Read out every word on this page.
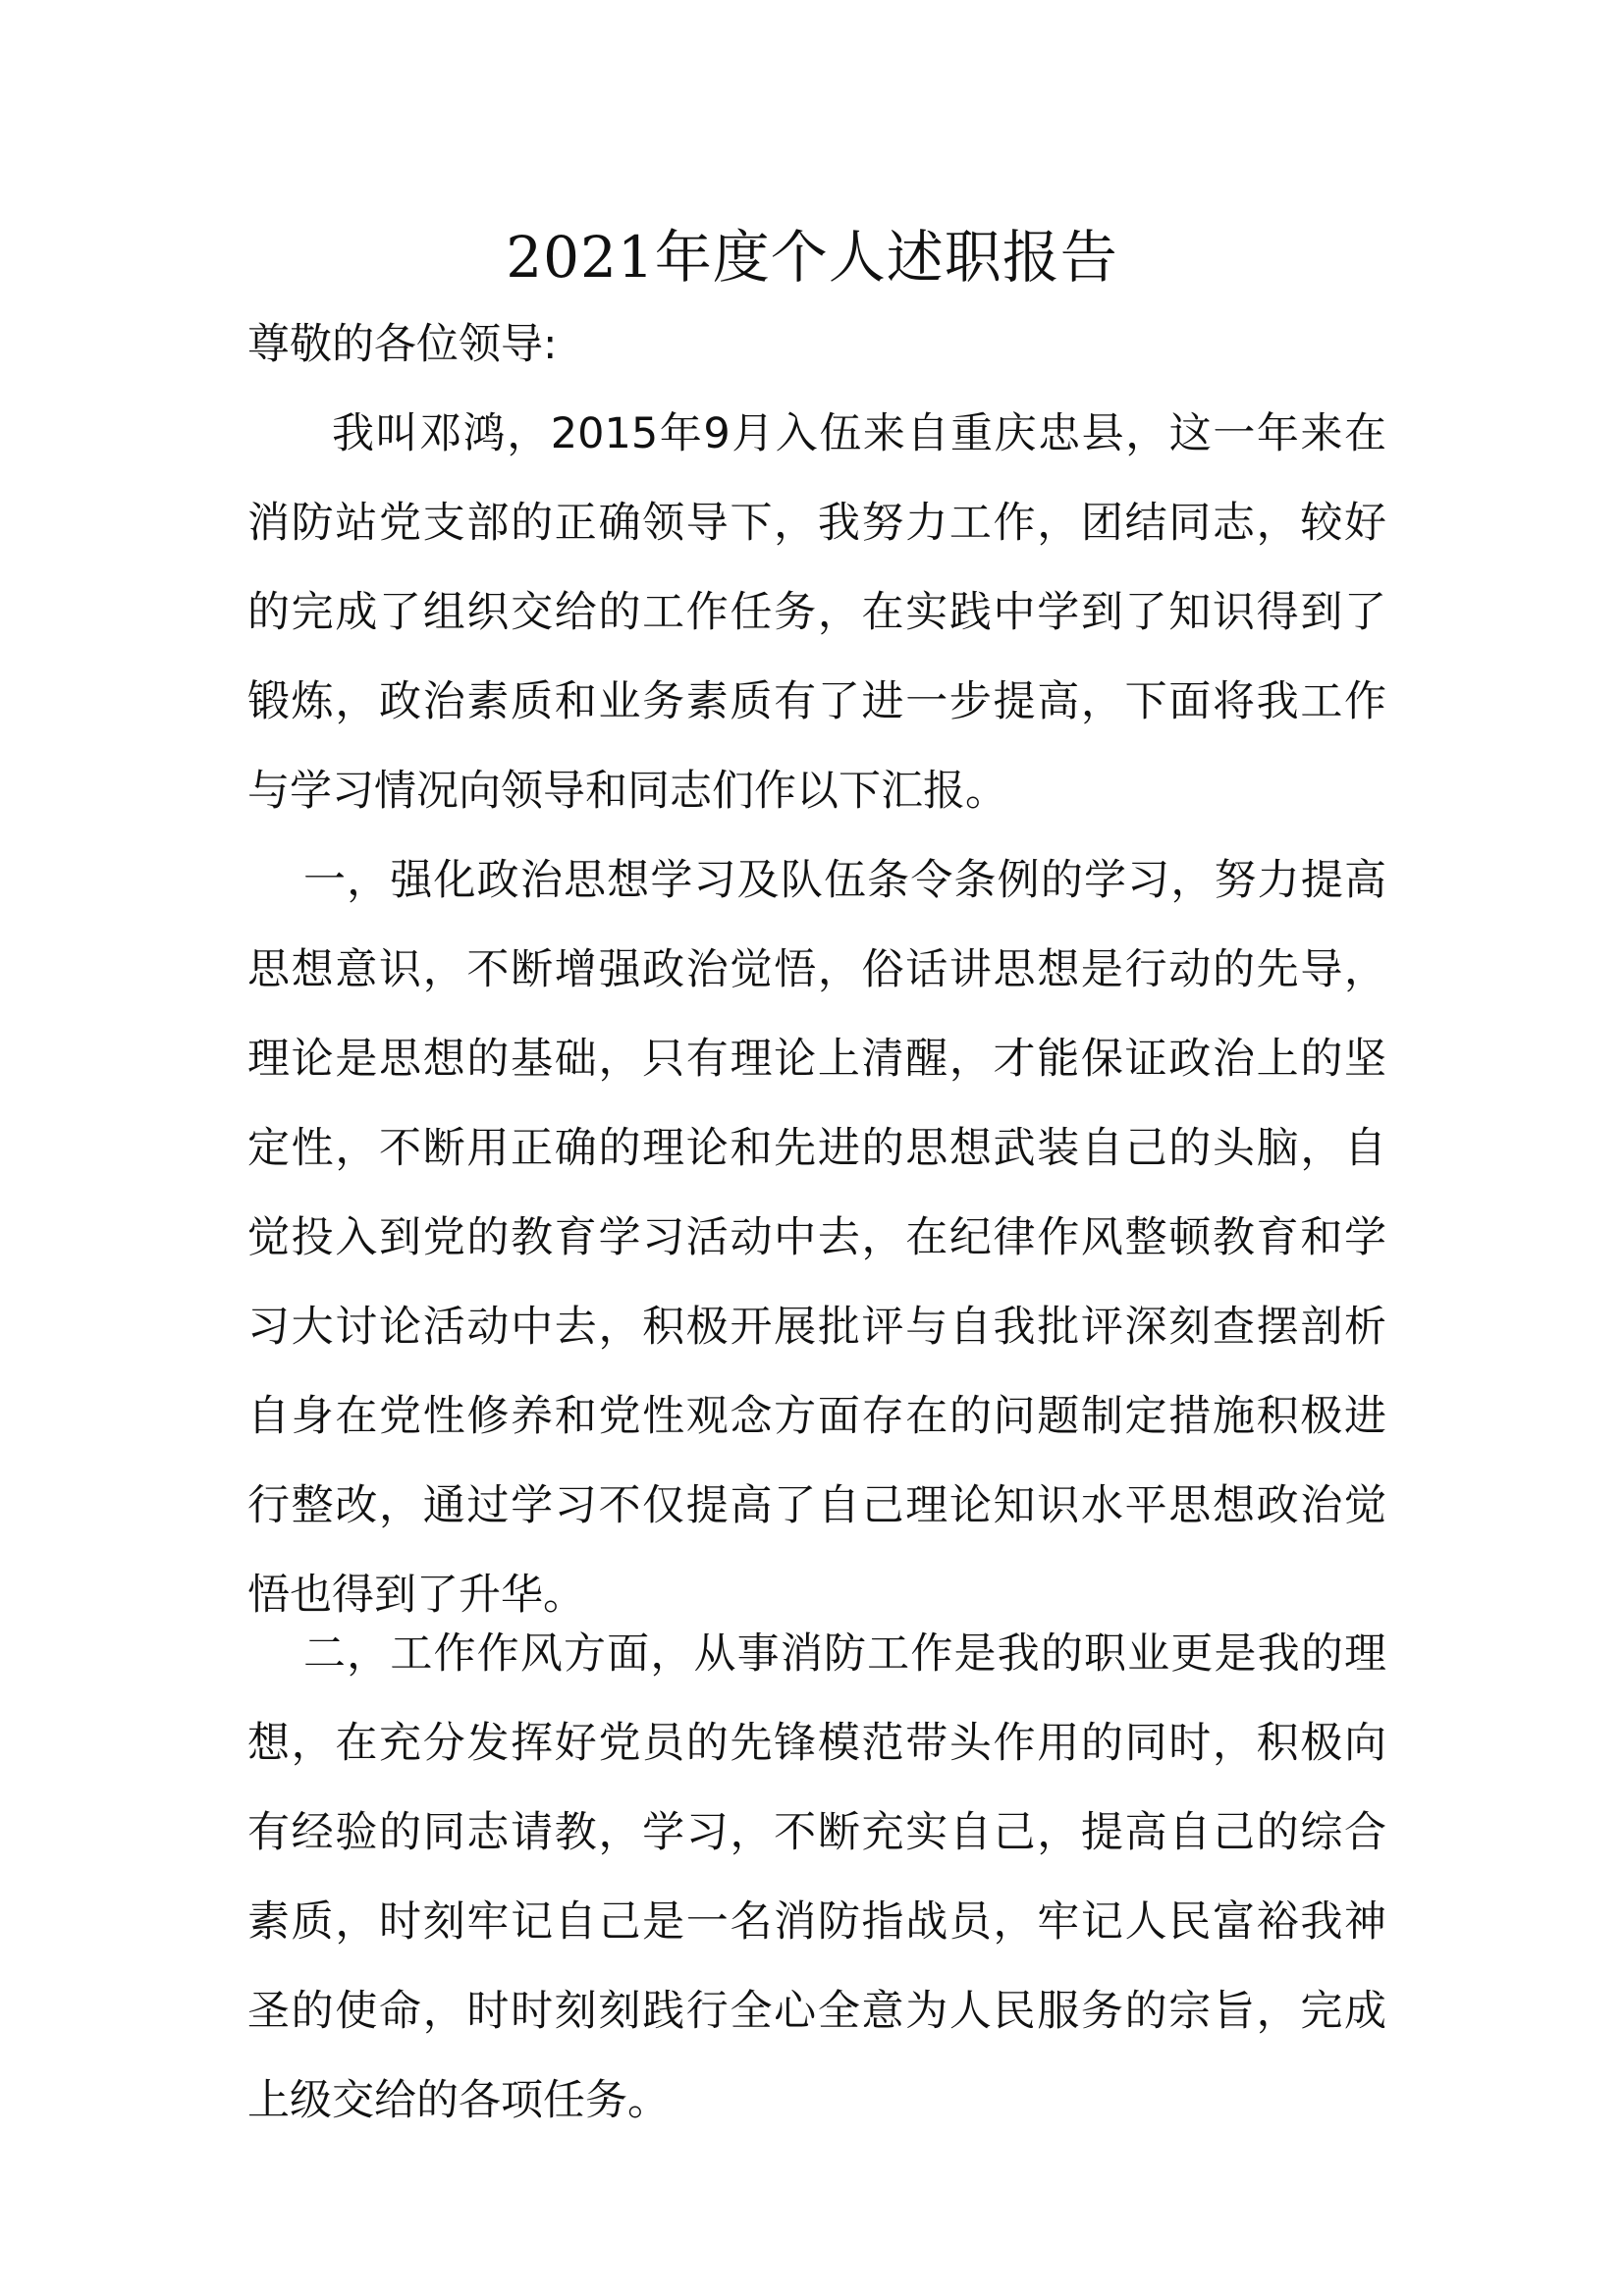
2021年度个人述职报告
尊敬的各位领导:

我叫邓鸿，2015年9月入伍来自重庆忠县，这一年来在消防站党支部的正确领导下，我努力工作，团结同志，较好的完成了组织交给的工作任务，在实践中学到了知识得到了锻炼，政治素质和业务素质有了进一步提高，下面将我工作与学习情况向领导和同志们作以下汇报。

一，强化政治思想学习及队伍条令条例的学习，努力提高思想意识，不断增强政治觉悟，俗话讲思想是行动的先导，理论是思想的基础，只有理论上清醒，才能保证政治上的坚定性，不断用正确的理论和先进的思想武装自己的头脑，自觉投入到党的教育学习活动中去，在纪律作风整顿教育和学习大讨论活动中去，积极开展批评与自我批评深刻查摆剖析自身在党性修养和党性观念方面存在的问题制定措施积极进行整改，通过学习不仅提高了自己理论知识水平思想政治觉悟也得到了升华。

二，工作作风方面，从事消防工作是我的职业更是我的理想，在充分发挥好党员的先锋模范带头作用的同时，积极向有经验的同志请教，学习，不断充实自己，提高自己的综合素质，时刻牢记自己是一名消防指战员，牢记人民富裕我神圣的使命，时时刻刻践行全心全意为人民服务的宗旨，完成上级交给的各项任务。
